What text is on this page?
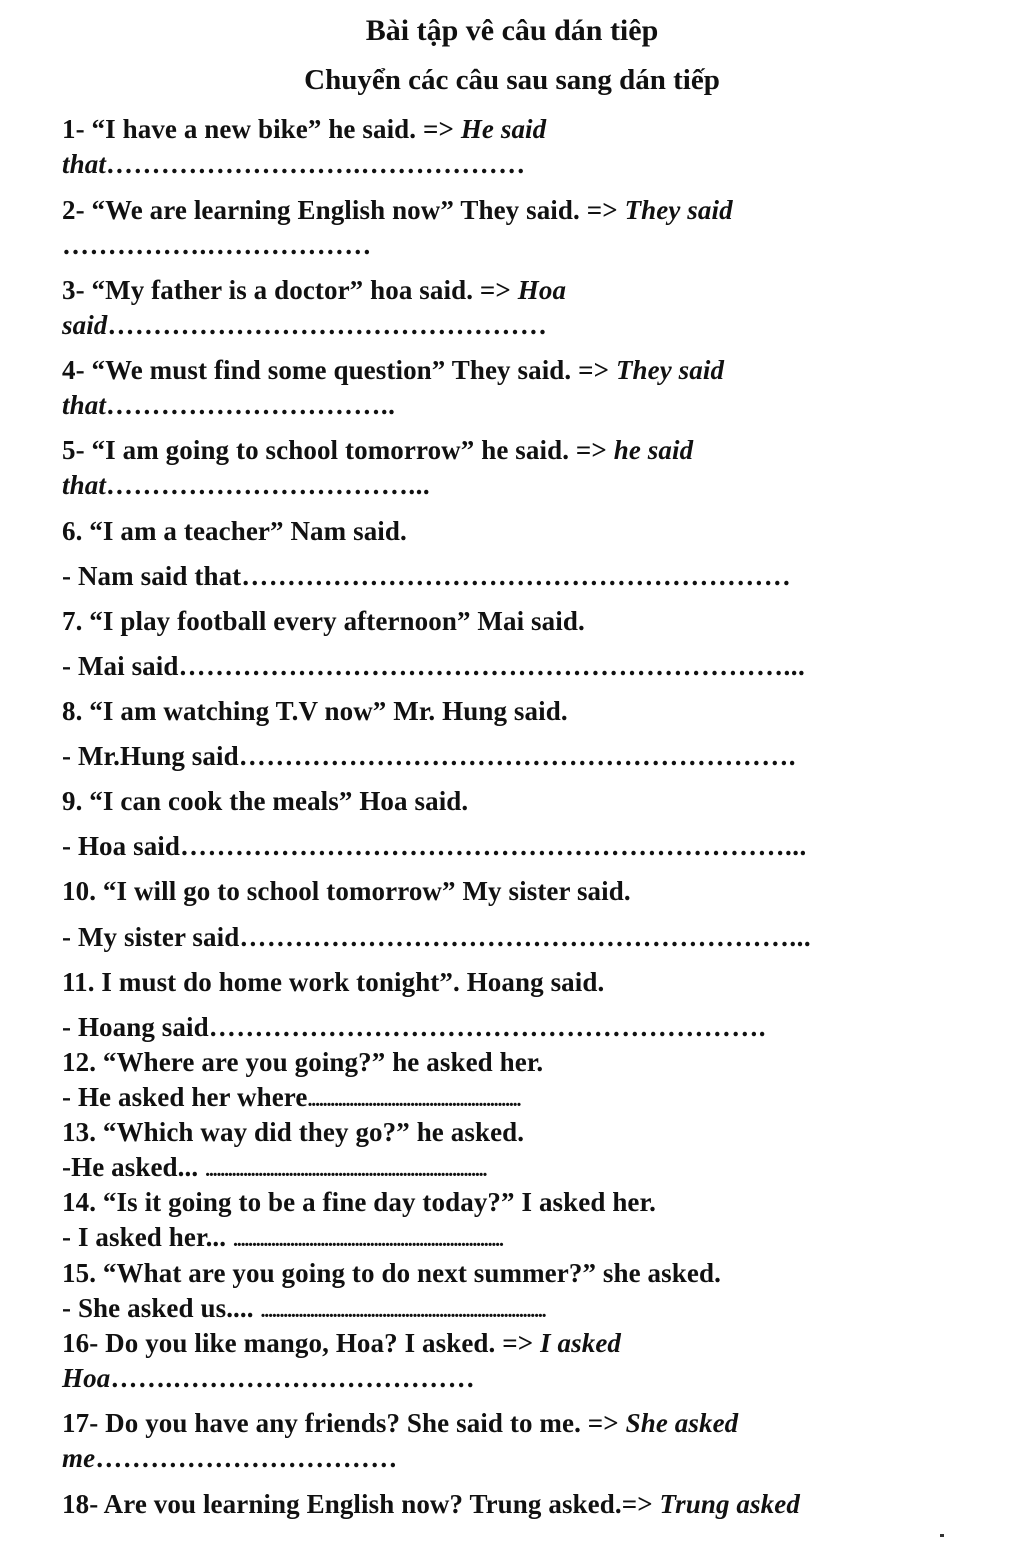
Bài tập vê câu dán tiêp
Chuyển các câu sau sang dán tiếp
1- “I have a new bike” he said. => He said
that……………………….………………
2- “We are learning English now” They said. => They said
…………….………………
3- “My father is a doctor” hoa said. => Hoa
said…………………………………………
4- “We must find some question” They said. => They said
that…………………………..
5- “I am going to school tomorrow” he said. => he said
that……………………………...
6. “I am a teacher” Nam said.
- Nam said that……………………………………………………
7. “I play football every afternoon” Mai said.
- Mai said…………………………………………………………...
8. “I am watching T.V now” Mr. Hung said.
- Mr.Hung said…………………………………………………….
9. “I can cook the meals” Hoa said.
- Hoa said…………………………………………………………...
10. “I will go to school tomorrow” My sister said.
- My sister said……………………………………………………...
11. I must do home work tonight”. Hoang said.
- Hoang said…………………………………………………….
12. “Where are you going?” he asked her.
- He asked her where........................................................
13. “Which way did they go?” he asked.
-He asked... ..........................................................................
14. “Is it going to be a fine day today?” I asked her.
- I asked her... .......................................................................
15. “What are you going to do next summer?” she asked.
- She asked us.... ...........................................................................
16- Do you like mango, Hoa? I asked. => I asked
Hoa…….……………………………
17- Do you have any friends? She said to me. => She asked
me……………………………
18- Are vou learning English now? Trung asked.=> Trung asked
